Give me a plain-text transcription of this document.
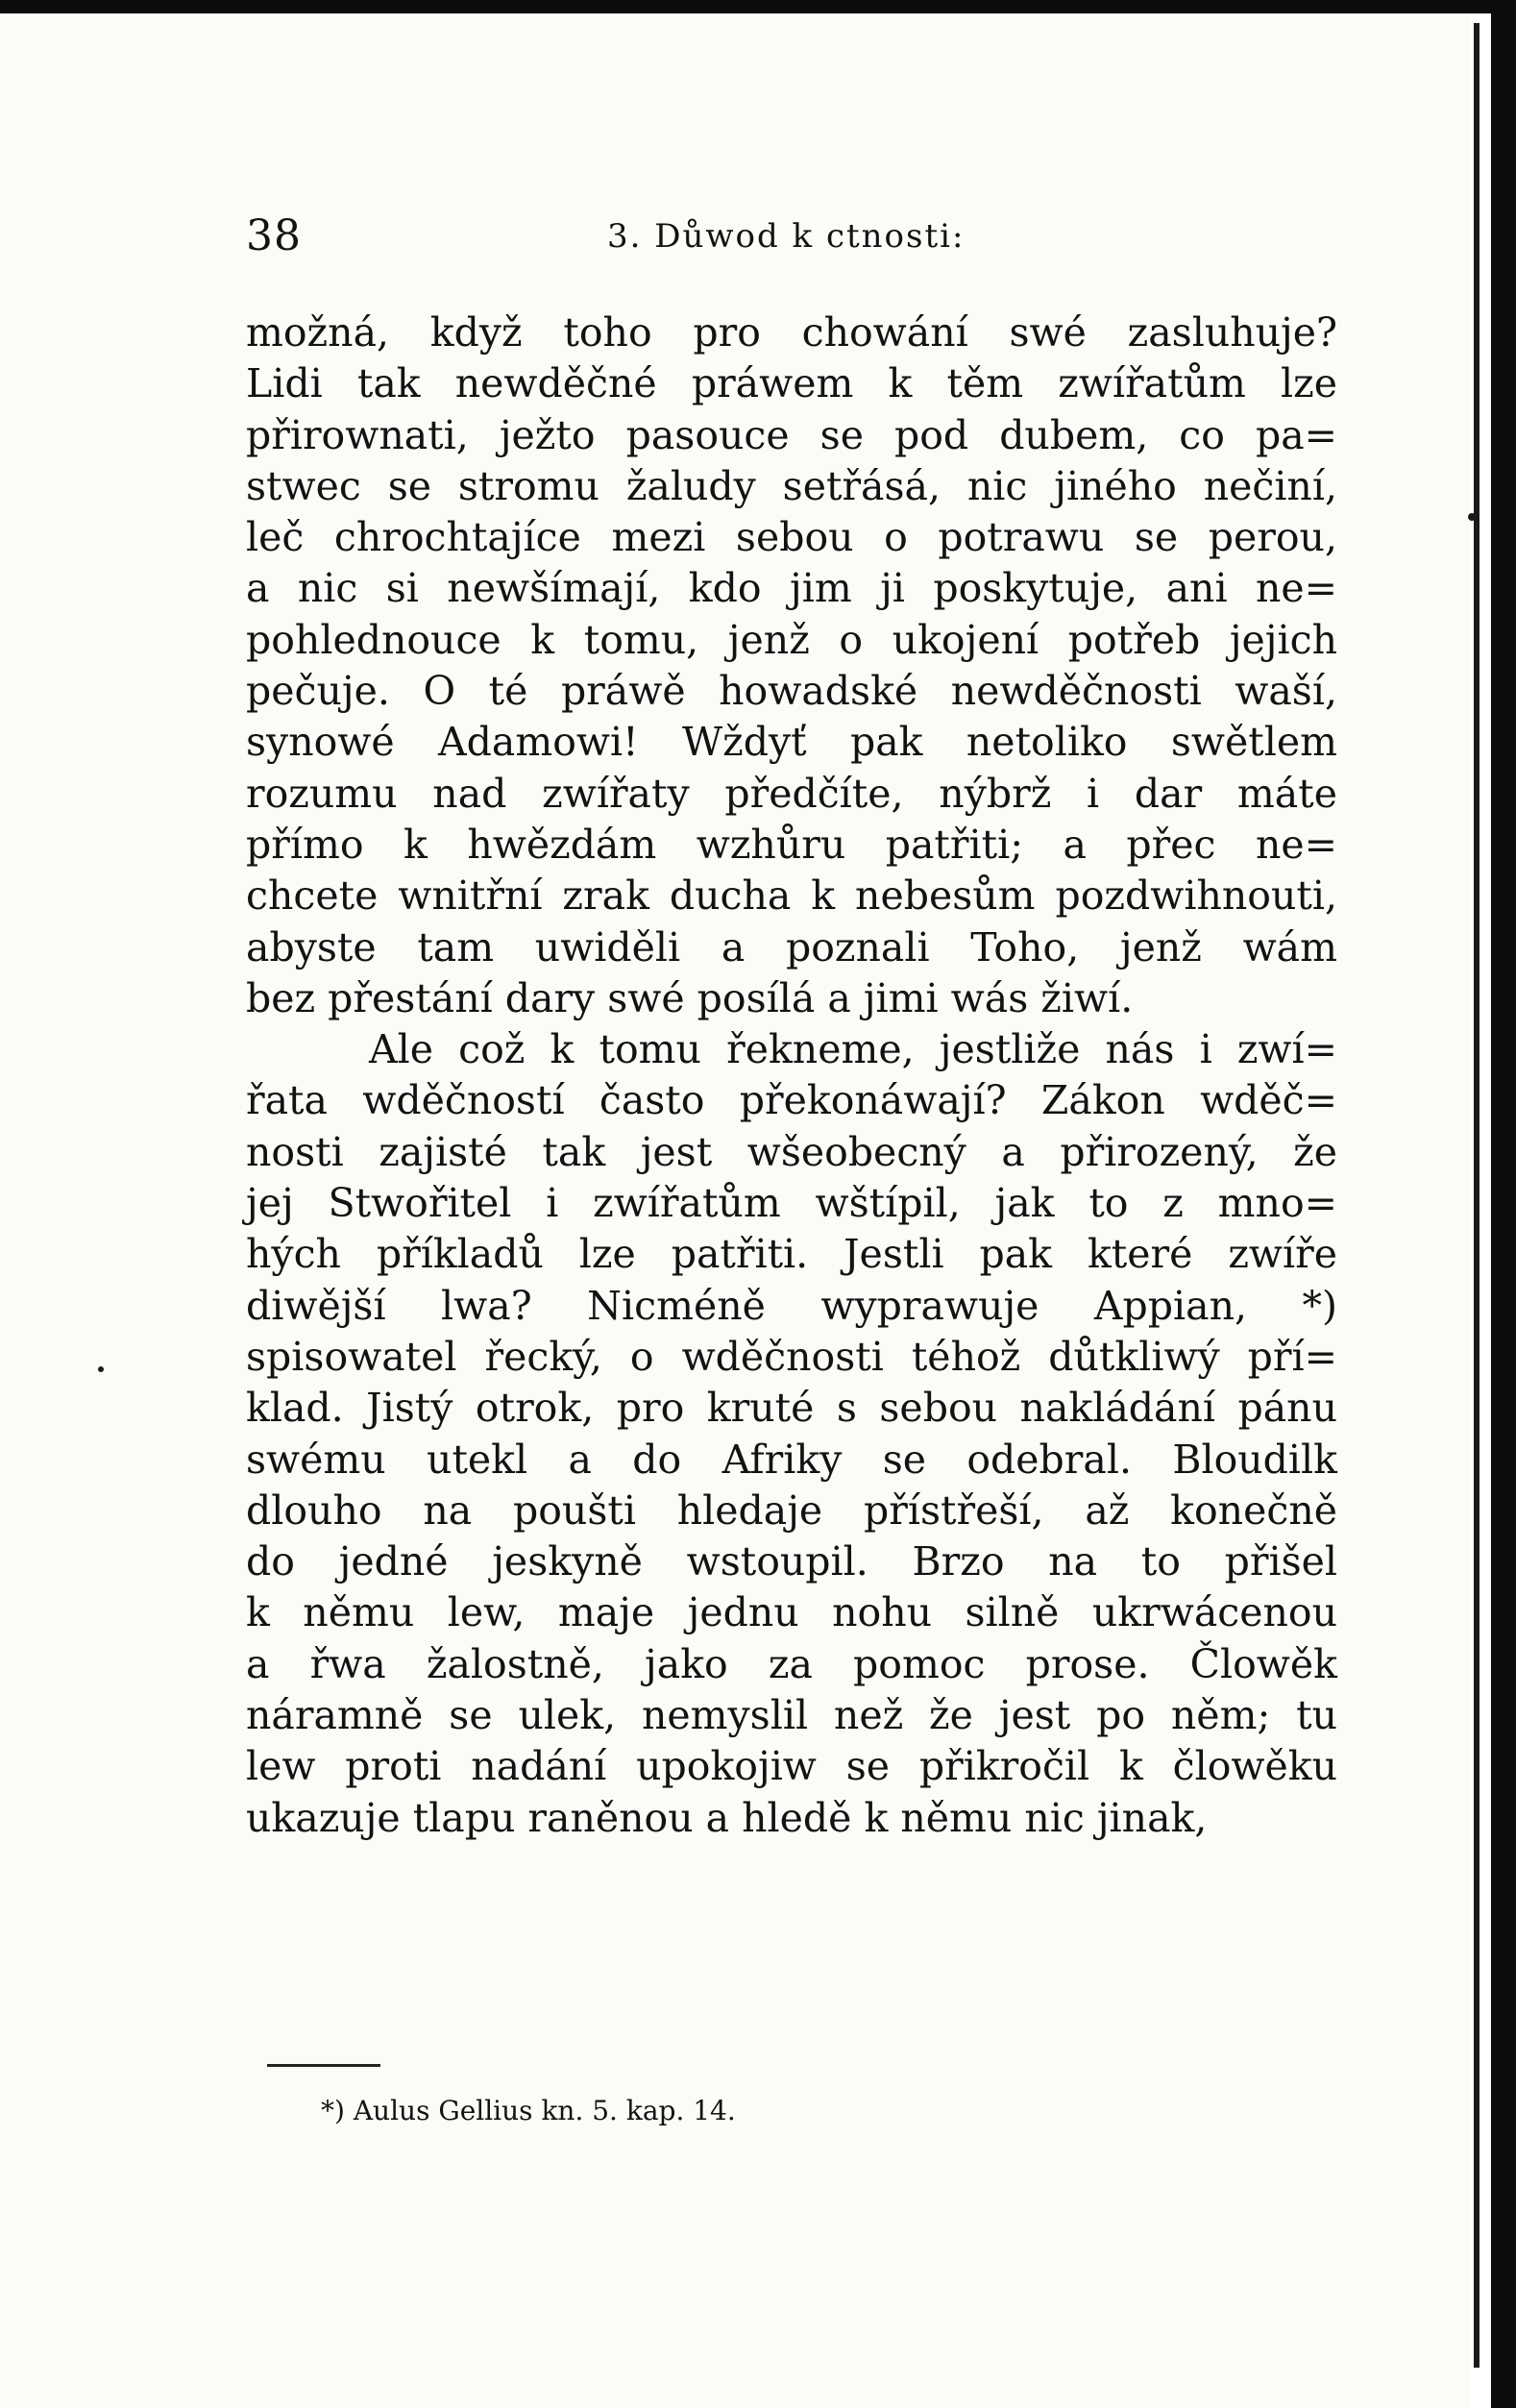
38	3. Důwod k ctnosti:
možná, když toho pro chowání swé zasluhuje?
Lidi tak newděčné práwem k těm zwířatům lze
přirownati, ježto pasouce se pod dubem, co pa=
stwec se stromu žaludy setřásá, nic jiného nečiní,
leč chrochtajíce mezi sebou o potrawu se perou,
a nic si newšímají, kdo jim ji poskytuje, ani ne=
pohlednouce k tomu, jenž o ukojení potřeb jejich
pečuje. O té práwě howadské newděčnosti waší,
synowé Adamowi! Wždyť pak netoliko swětlem
rozumu nad zwířaty předčíte, nýbrž i dar máte
přímo k hwězdám wzhůru patřiti; a přec ne=
chcete wnitřní zrak ducha k nebesům pozdwihnouti,
abyste tam uwiděli a poznali Toho, jenž wám
bez přestání dary swé posílá a jimi wás žiwí.
Ale což k tomu řekneme, jestliže nás i zwí=
řata wděčností často překonáwají? Zákon wděč=
nosti zajisté tak jest wšeobecný a přirozený, že
jej Stwořitel i zwířatům wštípil, jak to z mno=
hých příkladů lze patřiti. Jestli pak které zwíře
diwější lwa? Nicméně wyprawuje Appian, *)
spisowatel řecký, o wděčnosti téhož důtkliwý pří=
klad. Jistý otrok, pro kruté s sebou nakládání pánu
swému utekl a do Afriky se odebral. Bloudilk
dlouho na poušti hledaje přístřeší, až konečně
do jedné jeskyně wstoupil. Brzo na to přišel
k němu lew, maje jednu nohu silně ukrwácenou
a řwa žalostně, jako za pomoc prose. Člowěk
náramně se ulek, nemyslil než že jest po něm; tu
lew proti nadání upokojiw se přikročil k člowěku
ukazuje tlapu raněnou a hledě k němu nic jinak,
*) Aulus Gellius kn. 5. kap. 14.
